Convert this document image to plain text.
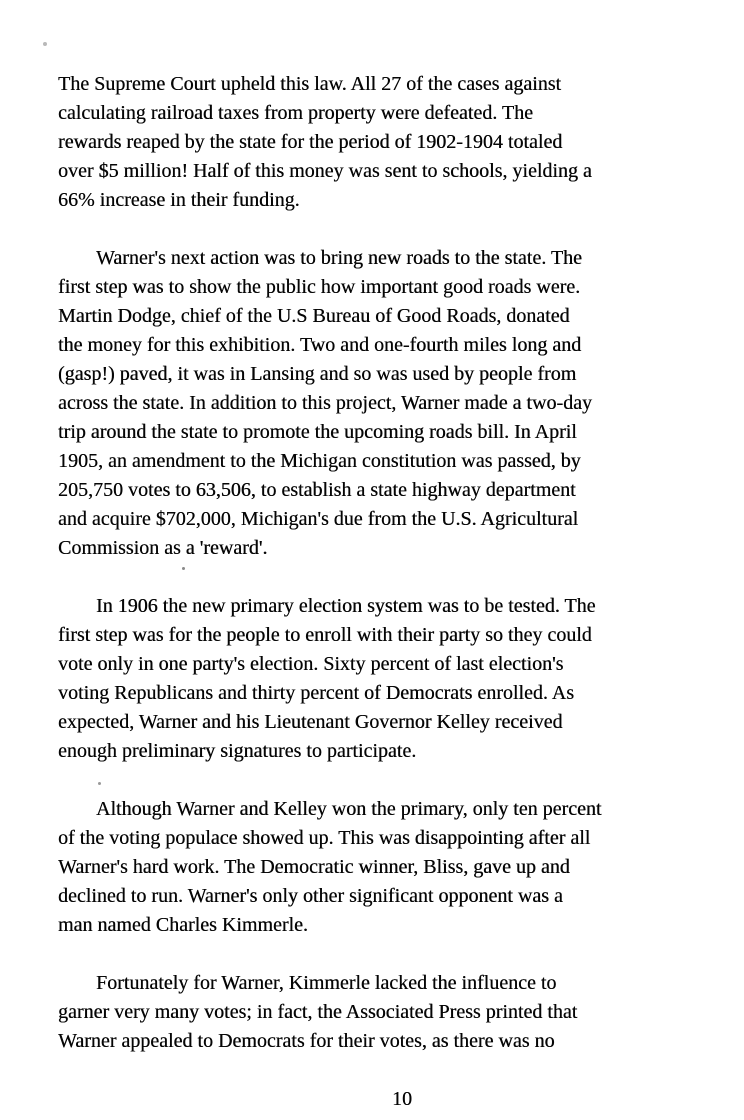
The Supreme Court upheld this law. All 27 of the cases against
calculating railroad taxes from property were defeated. The
rewards reaped by the state for the period of 1902-1904 totaled
over $5 million! Half of this money was sent to schools, yielding a
66% increase in their funding.
Warner's next action was to bring new roads to the state. The
first step was to show the public how important good roads were.
Martin Dodge, chief of the U.S Bureau of Good Roads, donated
the money for this exhibition. Two and one-fourth miles long and
(gasp!) paved, it was in Lansing and so was used by people from
across the state. In addition to this project, Warner made a two-day
trip around the state to promote the upcoming roads bill. In April
1905, an amendment to the Michigan constitution was passed, by
205,750 votes to 63,506, to establish a state highway department
and acquire $702,000, Michigan's due from the U.S. Agricultural
Commission as a 'reward'.
In 1906 the new primary election system was to be tested. The
first step was for the people to enroll with their party so they could
vote only in one party's election. Sixty percent of last election's
voting Republicans and thirty percent of Democrats enrolled. As
expected, Warner and his Lieutenant Governor Kelley received
enough preliminary signatures to participate.
Although Warner and Kelley won the primary, only ten percent
of the voting populace showed up. This was disappointing after all
Warner's hard work. The Democratic winner, Bliss, gave up and
declined to run. Warner's only other significant opponent was a
man named Charles Kimmerle.
Fortunately for Warner, Kimmerle lacked the influence to
garner very many votes; in fact, the Associated Press printed that
Warner appealed to Democrats for their votes, as there was no
10
